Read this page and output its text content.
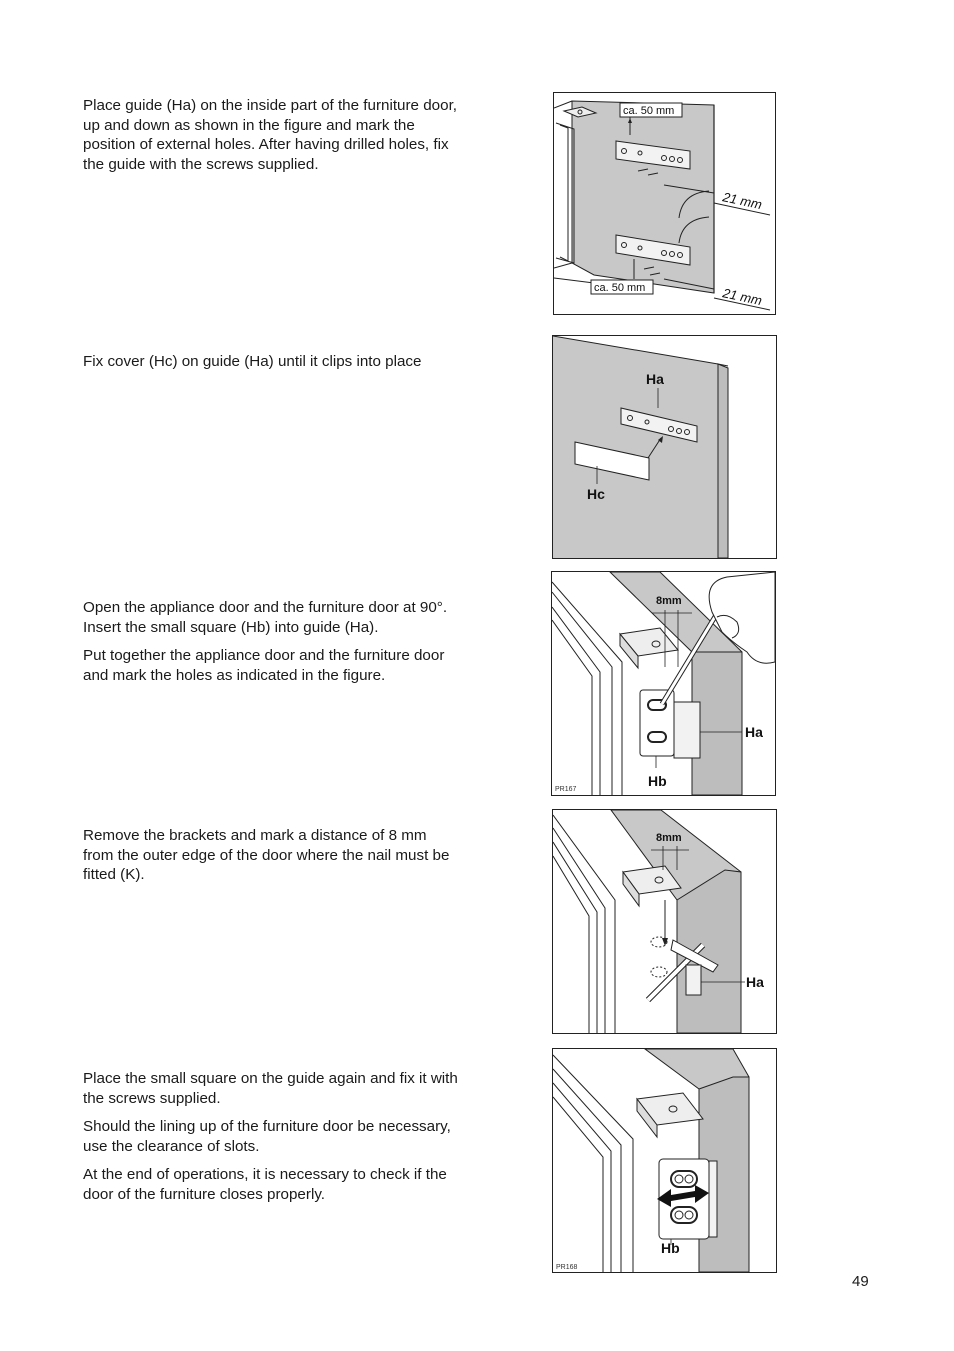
Place guide (Ha) on the inside part of the furniture door, up and down as shown in the figure and mark the position of external holes. After having drilled holes, fix the guide with the screws supplied.

ca. 50 mm
ca. 50 mm
21 mm
21 mm

Fix cover (Hc) on guide (Ha) until it clips into place

Ha
Hc

Open the appliance door and the furniture door at 90°. Insert the small square (Hb) into guide (Ha).

Put together the appliance door and the furniture door and mark the holes as indicated in the figure.

8mm
Ha
Hb
PR167

Remove the brackets and mark a distance of 8 mm from the outer edge of the door where the nail must be fitted (K).

8mm
Ha

Place the small square on the guide again and fix it with the screws supplied.

Should the lining up of the furniture door be necessary, use the clearance of slots.

At the end of operations, it is necessary to check if the door of the furniture closes properly.

Hb
PR168
49
